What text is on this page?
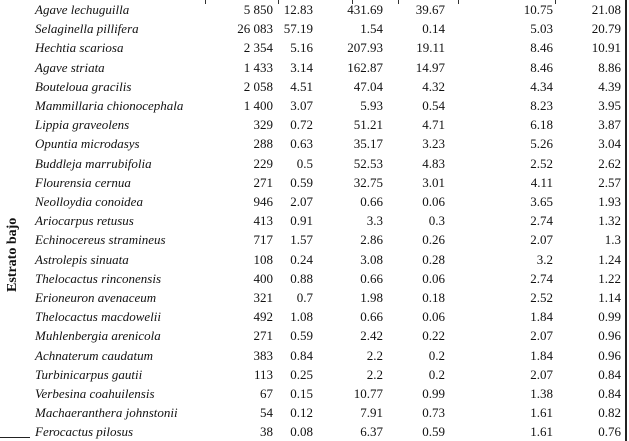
Estrato bajo
Agave lechuguilla	5 850 12.83	431.69	39.67	10.75	21.08
Selaginella pillifera	26 083 57.19	1.54	0.14	5.03	20.79
Hechtia scariosa	2 354 5.16	207.93	19.11	8.46	10.91
Agave striata	1 433 3.14	162.87	14.97	8.46	8.86
Bouteloua gracilis	2 058 4.51	47.04	4.32	4.34	4.39
Mammillaria chionocephala	1 400 3.07	5.93	0.54	8.23	3.95
Lippia graveolens	329 0.72	51.21	4.71	6.18	3.87
Opuntia microdasys	288 0.63	35.17	3.23	5.26	3.04
Buddleja marrubifolia	229 0.5	52.53	4.83	2.52	2.62
Flourensia cernua	271 0.59	32.75	3.01	4.11	2.57
Neolloydia conoidea	946 2.07	0.66	0.06	3.65	1.93
Ariocarpus retusus	413 0.91	3.3	0.3	2.74	1.32
Echinocereus stramineus	717 1.57	2.86	0.26	2.07	1.3
Astrolepis sinuata	108 0.24	3.08	0.28	3.2	1.24
Thelocactus rinconensis	400 0.88	0.66	0.06	2.74	1.22
Erioneuron avenaceum	321 0.7	1.98	0.18	2.52	1.14
Thelocactus macdowelii	492 1.08	0.66	0.06	1.84	0.99
Muhlenbergia arenicola	271 0.59	2.42	0.22	2.07	0.96
Achnaterum caudatum	383 0.84	2.2	0.2	1.84	0.96
Turbinicarpus gautii	113 0.25	2.2	0.2	2.07	0.84
Verbesina coahuilensis	67 0.15	10.77	0.99	1.38	0.84
Machaeranthera johnstonii	54 0.12	7.91	0.73	1.61	0.82
Ferocactus pilosus	38 0.08	6.37	0.59	1.61	0.76
